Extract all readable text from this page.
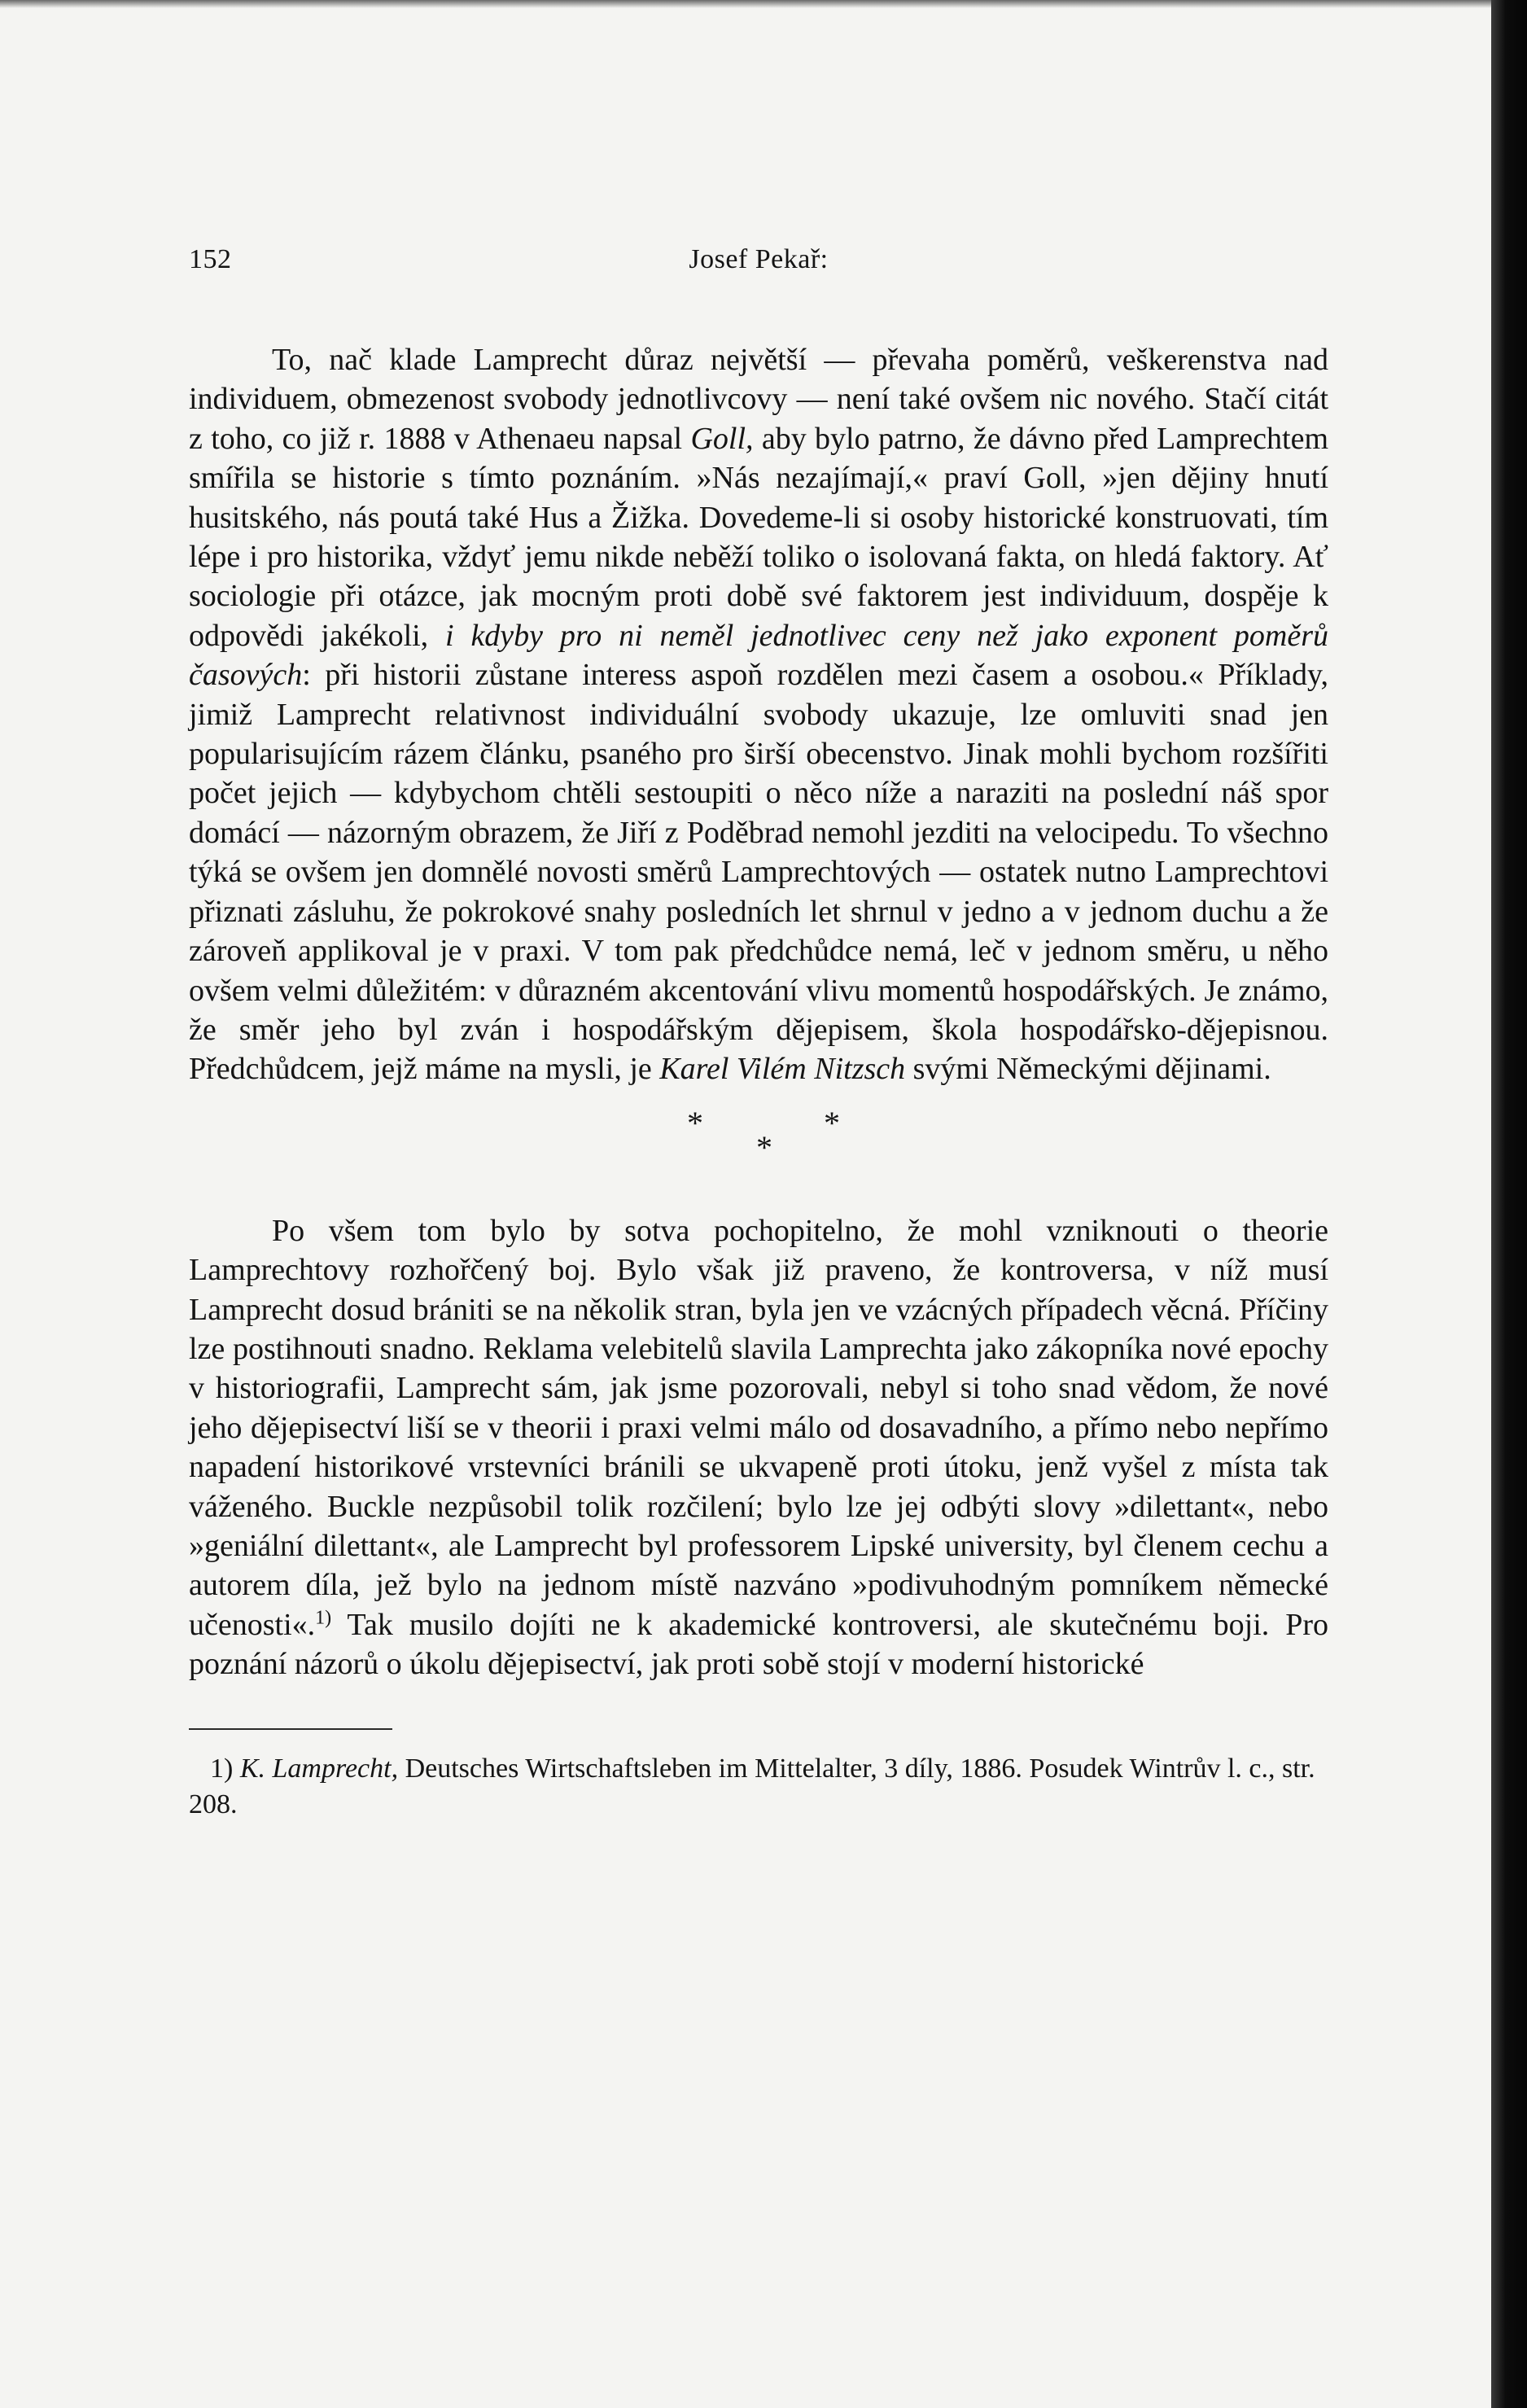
152	Josef Pekař:

To, nač klade Lamprecht důraz největší — převaha poměrů, veškerenstva nad individuem, obmezenost svobody jednotlivcovy — není také ovšem nic nového. Stačí citát z toho, co již r. 1888 v Athenaeu napsal Goll, aby bylo patrno, že dávno před Lamprechtem smířila se historie s tímto poznáním. »Nás nezajímají,« praví Goll, »jen dějiny hnutí husitského, nás poutá také Hus a Žižka. Dovedeme-li si osoby historické konstruovati, tím lépe i pro historika, vždyť jemu nikde neběží toliko o isolovaná fakta, on hledá faktory. Ať sociologie při otázce, jak mocným proti době své faktorem jest individuum, dospěje k odpovědi jakékoli, i kdyby pro ni neměl jednotlivec ceny než jako exponent poměrů časových: při historii zůstane interess aspoň rozdělen mezi časem a osobou.« Příklady, jimiž Lamprecht relativnost individuální svobody ukazuje, lze omluviti snad jen popularisujícím rázem článku, psaného pro širší obecenstvo. Jinak mohli bychom rozšířiti počet jejich — kdybychom chtěli sestoupiti o něco níže a naraziti na poslední náš spor domácí — názorným obrazem, že Jiří z Poděbrad nemohl jezditi na velocipedu. To všechno týká se ovšem jen domnělé novosti směrů Lamprechtových — ostatek nutno Lamprechtovi přiznati zásluhu, že pokrokové snahy posledních let shrnul v jedno a v jednom duchu a že zároveň applikoval je v praxi. V tom pak předchůdce nemá, leč v jednom směru, u něho ovšem velmi důležitém: v důrazném akcentování vlivu momentů hospodářských. Je známo, že směr jeho byl zván i hospodářským dějepisem, škola hospodářsko-dějepisnou. Předchůdcem, jejž máme na mysli, je Karel Vilém Nitzsch svými Německými dějinami.

*	*
*

Po všem tom bylo by sotva pochopitelno, že mohl vzniknouti o theorie Lamprechtovy rozhořčený boj. Bylo však již praveno, že kontroversa, v níž musí Lamprecht dosud brániti se na několik stran, byla jen ve vzácných případech věcná. Příčiny lze postihnouti snadno. Reklama velebitelů slavila Lamprechta jako zákopníka nové epochy v historiografii, Lamprecht sám, jak jsme pozorovali, nebyl si toho snad vědom, že nové jeho dějepisectví liší se v theorii i praxi velmi málo od dosavadního, a přímo nebo nepřímo napadení historikové vrstevníci bránili se ukvapeně proti útoku, jenž vyšel z místa tak váženého. Buckle nezpůsobil tolik rozčilení; bylo lze jej odbýti slovy »dilettant«, nebo »geniální dilettant«, ale Lamprecht byl professorem Lipské university, byl členem cechu a autorem díla, jež bylo na jednom místě nazváno »podivuhodným pomníkem německé učenosti«.$^{1)}$ Tak musilo dojíti ne k akademické kontroversi, ale skutečnému boji. Pro poznání názorů o úkolu dějepisectví, jak proti sobě stojí v moderní historické

1) K. Lamprecht, Deutsches Wirtschaftsleben im Mittelalter, 3 díly, 1886. Posudek Wintrův l. c., str. 208.
